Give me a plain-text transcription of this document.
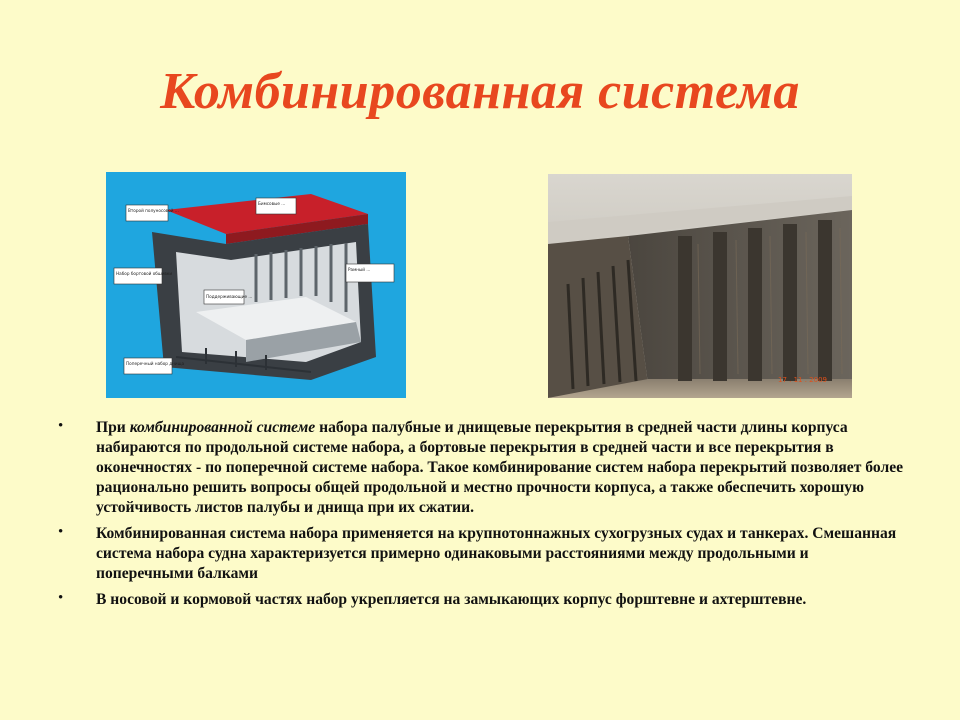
Комбинированная система
Второй полуносовой ...
Бимсовые ...
Набор бортовой обшивки
Рамный ...
Поддерживающие ...
Поперечный набор днища
17 . 11 . 2009
• При комбинированной системе набора палубные и днищевые перекрытия в средней части длины корпуса набираются по продольной системе набора, а бортовые перекрытия в средней части и все перекрытия в оконечностях - по поперечной системе набора. Такое комбинирование систем набора перекрытий позволяет более рационально решить вопросы общей продольной и местно прочности корпуса, а также обеспечить хорошую устойчивость листов палубы и днища при их сжатии.
• Комбинированная система набора применяется на крупнотоннажных сухогрузных судах и танкерах. Смешанная система набора судна характеризуется примерно одинаковыми расстояниями между продольными и поперечными балками
• В носовой и кормовой частях набор укрепляется на замыкающих корпус форштевне и ахтерштевне.
